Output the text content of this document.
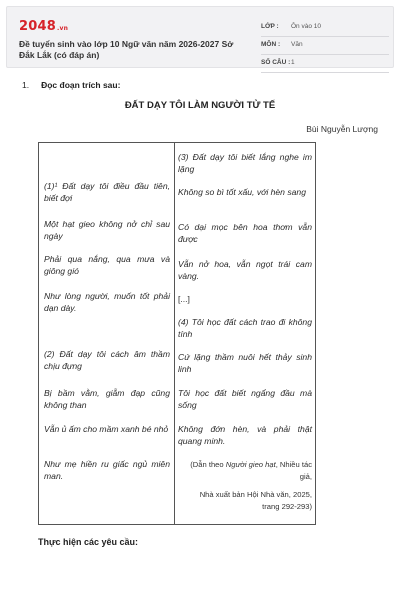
2048.vn
Đề tuyển sinh vào lớp 10 Ngữ văn năm 2026-2027 Sở Đắk Lắk (có đáp án)
LỚP : Ôn vào 10
MÔN : Văn
SỐ CÂU : 1
1. Đọc đoạn trích sau:
ĐẤT DẠY TÔI LÀM NGƯỜI TỬ TẾ
Bùi Nguyễn Lượng
(1)¹ Đất dạy tôi điều đầu tiên, biết đợi
Một hạt gieo không nở chỉ sau ngày
Phải qua nắng, qua mưa và giông gió
Như lòng người, muốn tốt phải dạn dày.
(2) Đất dạy tôi cách âm thầm chịu đựng
Bị bầm vằm, giẫm đạp cũng không than
Vẫn ủ ấm cho mầm xanh bé nhỏ
Như mẹ hiền ru giấc ngủ miên man.
(3) Đất dạy tôi biết lắng nghe im lặng
Không so bì tốt xấu, với hèn sang
Có dại mọc bên hoa thơm vẫn được
Vẫn nở hoa, vẫn ngọt trái cam vàng.
[...]
(4) Tôi học đất cách trao đi không tính
Cứ lặng thầm nuôi hết thảy sinh linh
Tôi học đất biết ngẩng đầu mà sống
Không đớn hèn, và phải thật quang minh.
(Dẫn theo Người gieo hạt, Nhiều tác giả,
Nhà xuất bản Hội Nhà văn, 2025,
trang 292-293)
Thực hiện các yêu cầu:
